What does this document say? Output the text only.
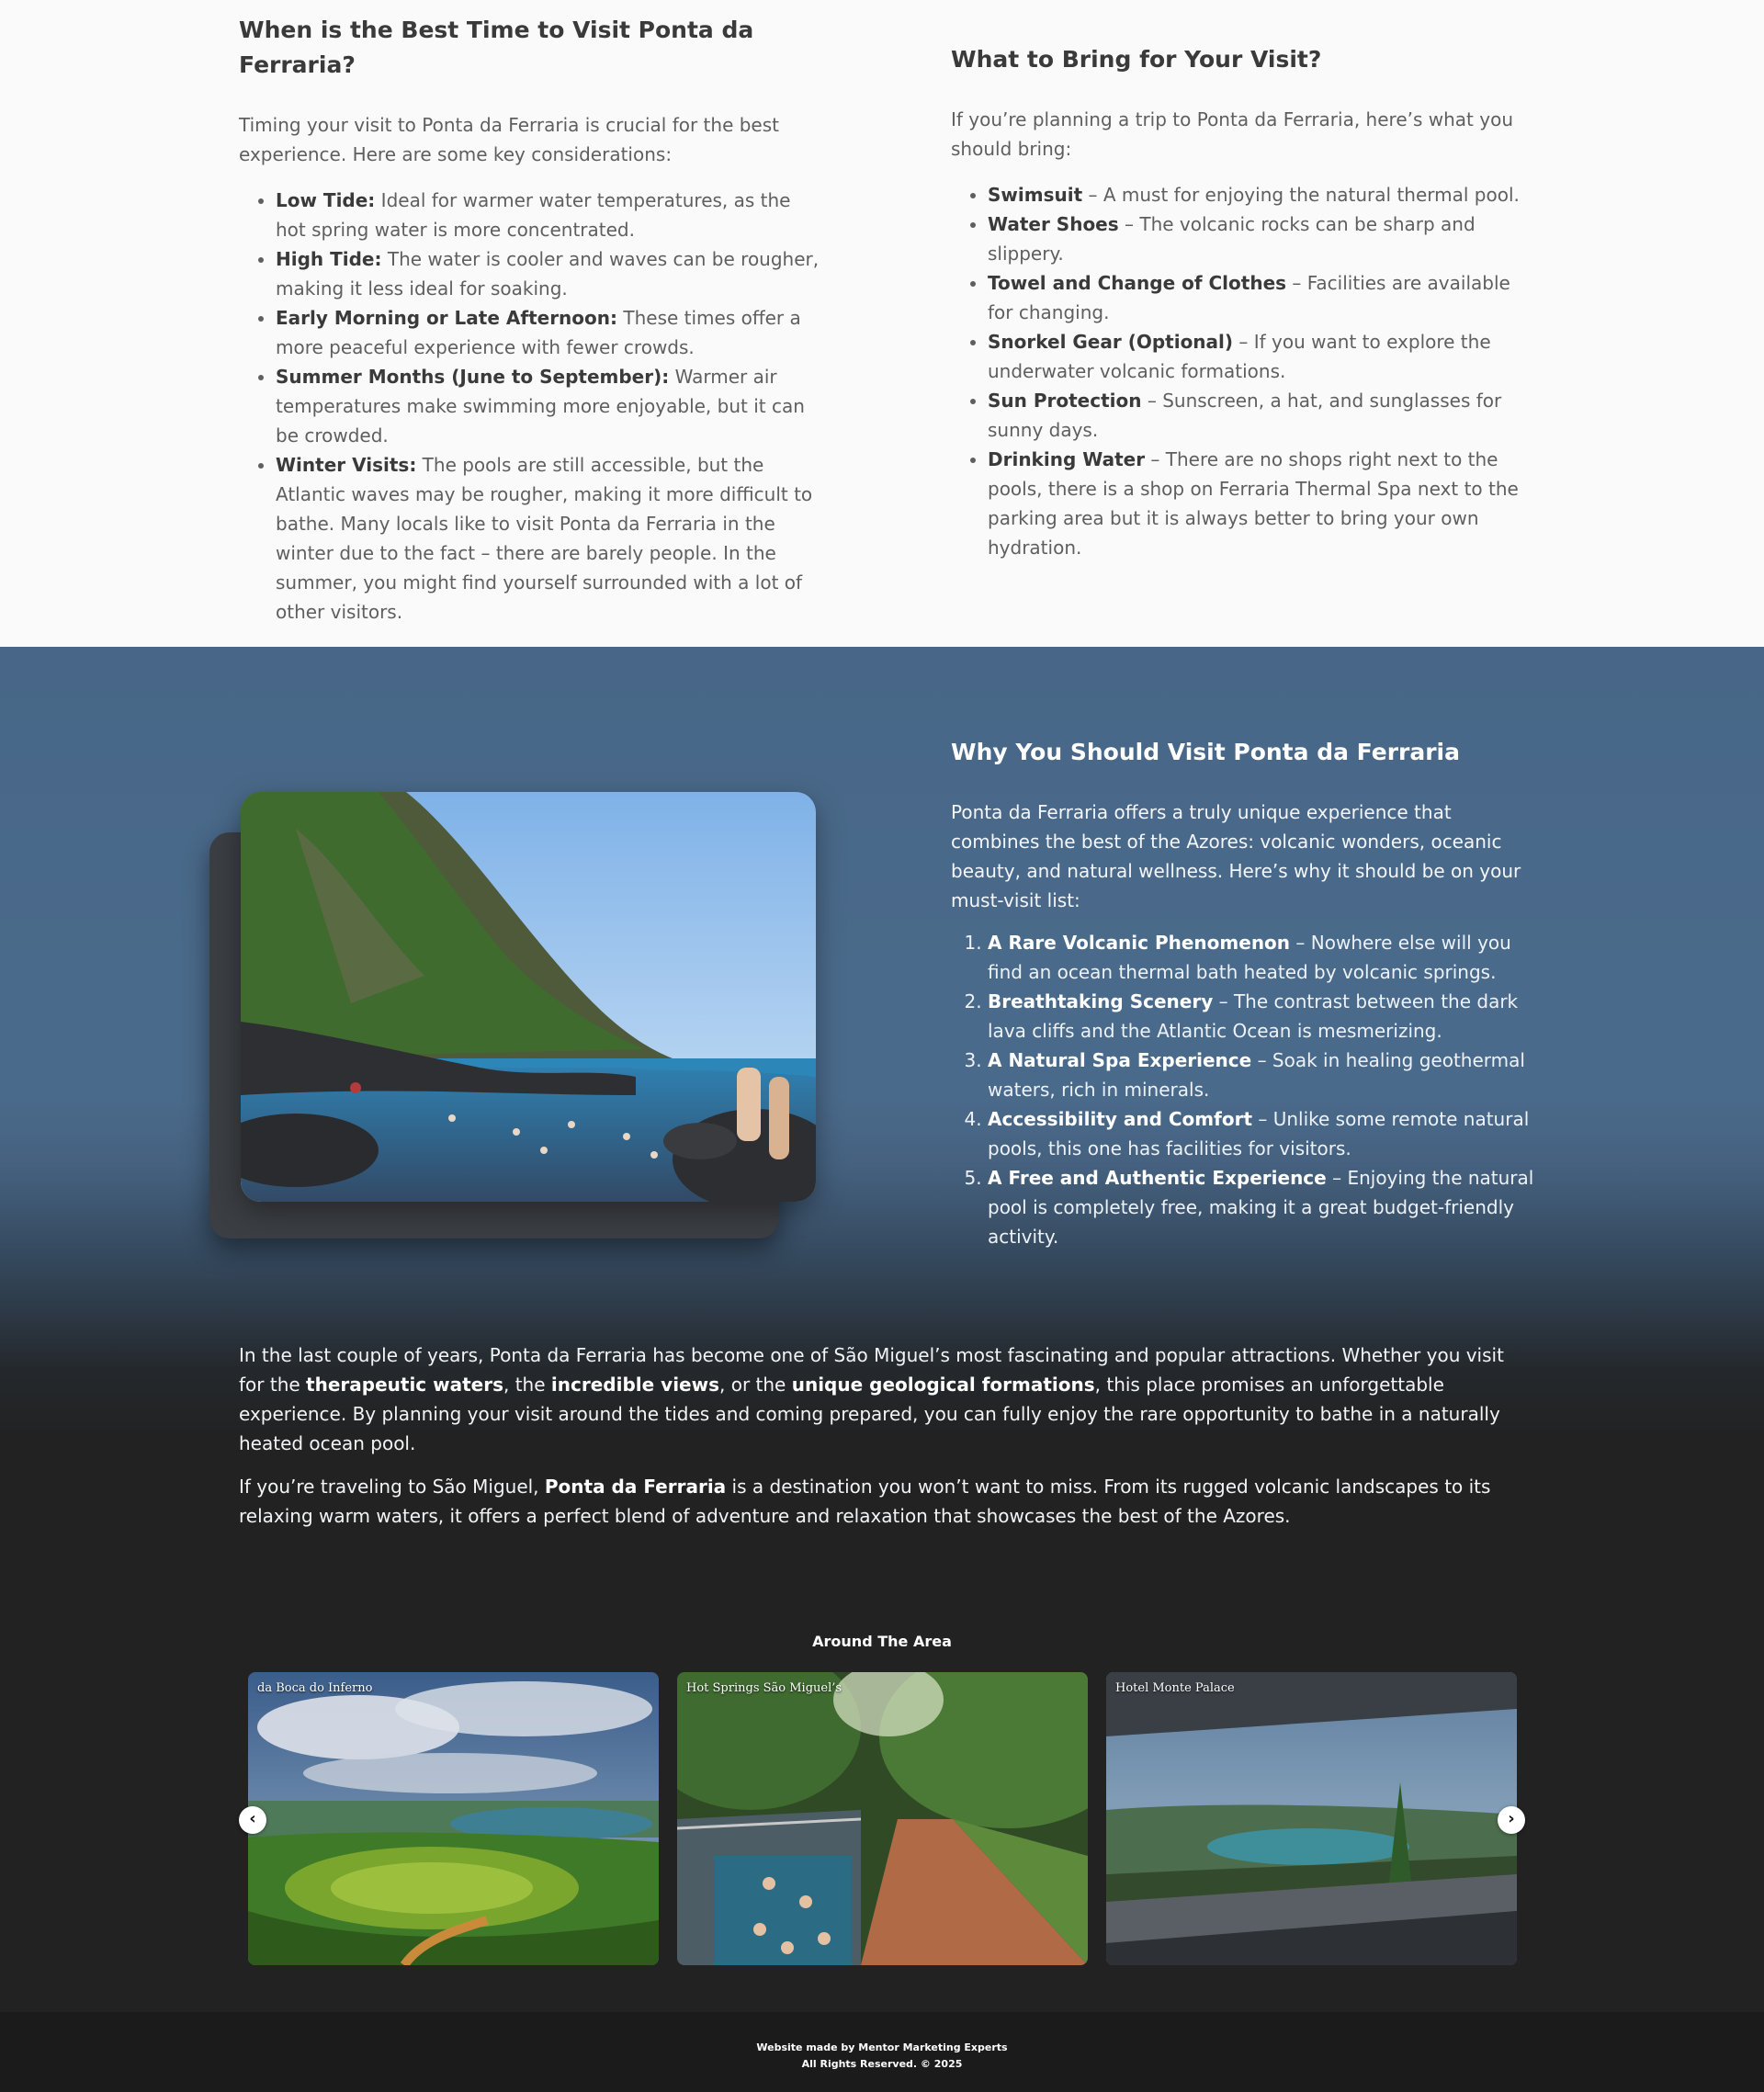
When is the Best Time to Visit Ponta da Ferraria?

Timing your visit to Ponta da Ferraria is crucial for the best experience. Here are some key considerations:

• Low Tide: Ideal for warmer water temperatures, as the hot spring water is more concentrated.
• High Tide: The water is cooler and waves can be rougher, making it less ideal for soaking.
• Early Morning or Late Afternoon: These times offer a more peaceful experience with fewer crowds.
• Summer Months (June to September): Warmer air temperatures make swimming more enjoyable, but it can be crowded.
• Winter Visits: The pools are still accessible, but the Atlantic waves may be rougher, making it more difficult to bathe. Many locals like to visit Ponta da Ferraria in the winter due to the fact – there are barely people. In the summer, you might find yourself surrounded with a lot of other visitors.
What to Bring for Your Visit?

If you’re planning a trip to Ponta da Ferraria, here’s what you should bring:

• Swimsuit – A must for enjoying the natural thermal pool.
• Water Shoes – The volcanic rocks can be sharp and slippery.
• Towel and Change of Clothes – Facilities are available for changing.
• Snorkel Gear (Optional) – If you want to explore the underwater volcanic formations.
• Sun Protection – Sunscreen, a hat, and sunglasses for sunny days.
• Drinking Water – There are no shops right next to the pools, there is a shop on Ferraria Thermal Spa next to the parking area but it is always better to bring your own hydration.
Why You Should Visit Ponta da Ferraria

Ponta da Ferraria offers a truly unique experience that combines the best of the Azores: volcanic wonders, oceanic beauty, and natural wellness. Here’s why it should be on your must-visit list:

1. A Rare Volcanic Phenomenon – Nowhere else will you find an ocean thermal bath heated by volcanic springs.
2. Breathtaking Scenery – The contrast between the dark lava cliffs and the Atlantic Ocean is mesmerizing.
3. A Natural Spa Experience – Soak in healing geothermal waters, rich in minerals.
4. Accessibility and Comfort – Unlike some remote natural pools, this one has facilities for visitors.
5. A Free and Authentic Experience – Enjoying the natural pool is completely free, making it a great budget-friendly activity.

In the last couple of years, Ponta da Ferraria has become one of São Miguel’s most fascinating and popular attractions. Whether you visit for the therapeutic waters, the incredible views, or the unique geological formations, this place promises an unforgettable experience. By planning your visit around the tides and coming prepared, you can fully enjoy the rare opportunity to bathe in a naturally heated ocean pool.

If you’re traveling to São Miguel, Ponta da Ferraria is a destination you won’t want to miss. From its rugged volcanic landscapes to its relaxing warm waters, it offers a perfect blend of adventure and relaxation that showcases the best of the Azores.

Around The Area
da Boca do Inferno	Hot Springs São Miguel’s	Hotel Monte Palace
‹	›
Website made by Mentor Marketing Experts
All Rights Reserved. © 2025
